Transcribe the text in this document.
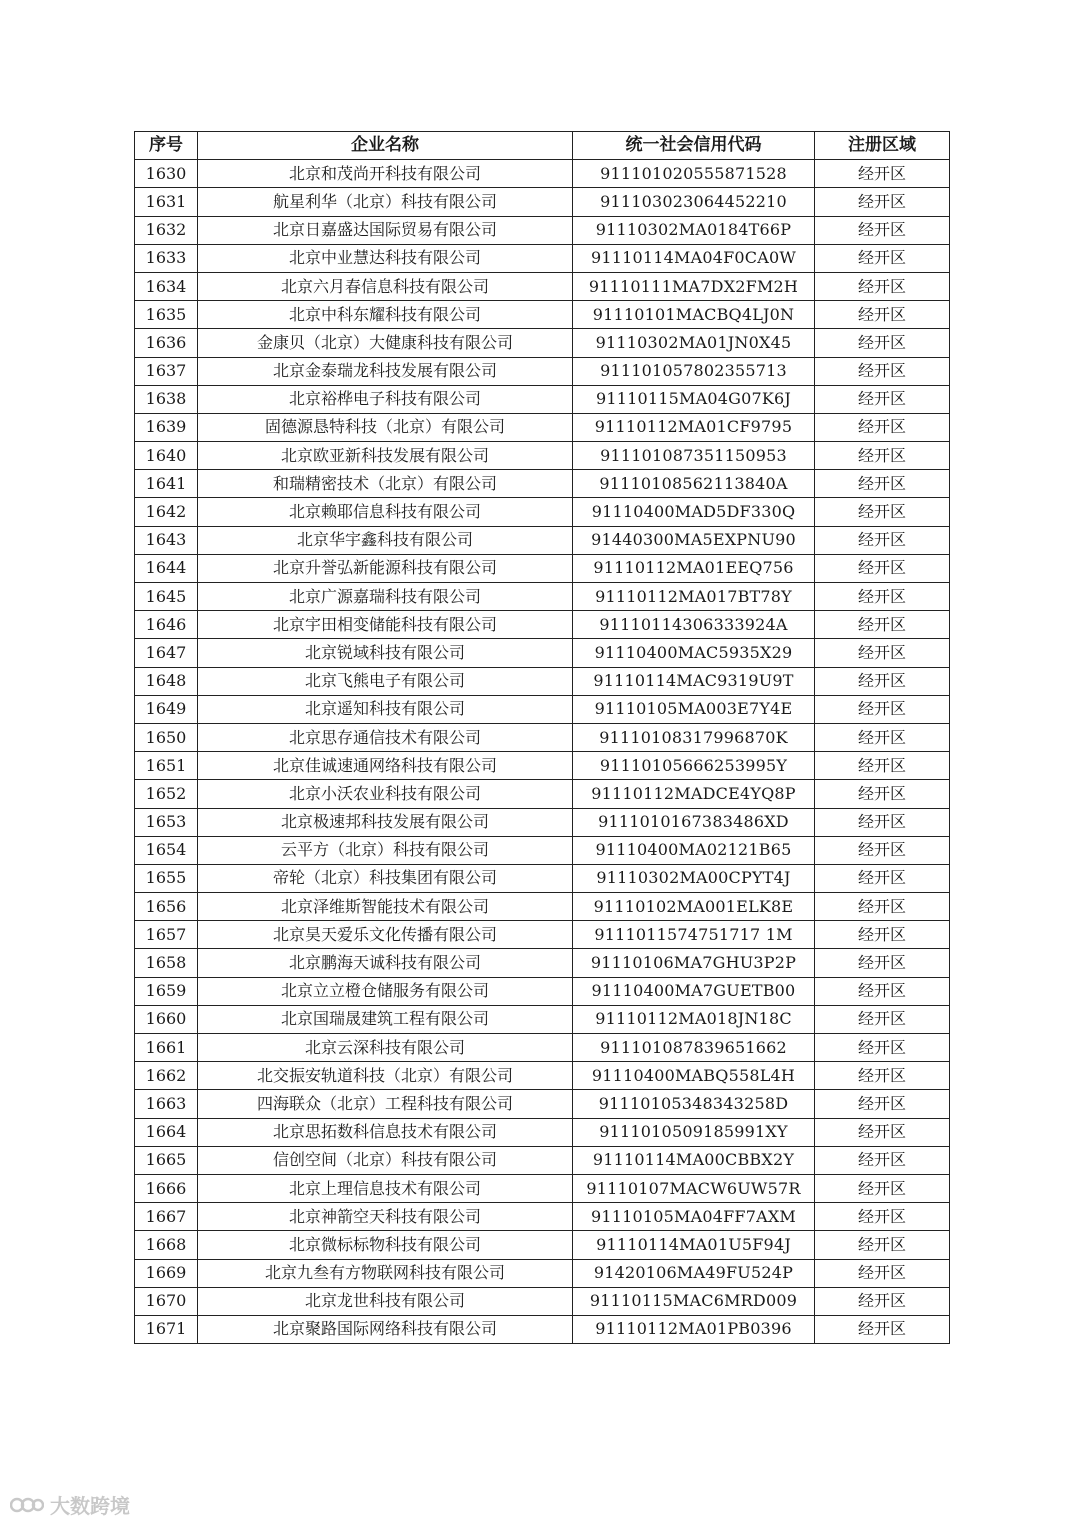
序号	企业名称	统一社会信用代码	注册区域
1630	北京和茂尚开科技有限公司	911101020555871528	经开区
1631	航星利华（北京）科技有限公司	911103023064452210	经开区
1632	北京日嘉盛达国际贸易有限公司	91110302MA0184T66P	经开区
1633	北京中业慧达科技有限公司	91110114MA04F0CA0W	经开区
1634	北京六月春信息科技有限公司	91110111MA7DX2FM2H	经开区
1635	北京中科东耀科技有限公司	91110101MACBQ4LJ0N	经开区
1636	金康贝（北京）大健康科技有限公司	91110302MA01JN0X45	经开区
1637	北京金泰瑞龙科技发展有限公司	911101057802355713	经开区
1638	北京裕桦电子科技有限公司	91110115MA04G07K6J	经开区
1639	固德源恳特科技（北京）有限公司	91110112MA01CF9795	经开区
1640	北京欧亚新科技发展有限公司	911101087351150953	经开区
1641	和瑞精密技术（北京）有限公司	91110108562113840A	经开区
1642	北京赖耶信息科技有限公司	91110400MAD5DF330Q	经开区
1643	北京华宇鑫科技有限公司	91440300MA5EXPNU90	经开区
1644	北京升誉弘新能源科技有限公司	91110112MA01EEQ756	经开区
1645	北京广源嘉瑞科技有限公司	91110112MA017BT78Y	经开区
1646	北京宇田相变储能科技有限公司	91110114306333924A	经开区
1647	北京锐域科技有限公司	91110400MAC5935X29	经开区
1648	北京飞熊电子有限公司	91110114MAC9319U9T	经开区
1649	北京遥知科技有限公司	91110105MA003E7Y4E	经开区
1650	北京思存通信技术有限公司	91110108317996870K	经开区
1651	北京佳诚速通网络科技有限公司	91110105666253995Y	经开区
1652	北京小沃农业科技有限公司	91110112MADCE4YQ8P	经开区
1653	北京极速邦科技发展有限公司	9111010167383486XD	经开区
1654	云平方（北京）科技有限公司	91110400MA02121B65	经开区
1655	帝轮（北京）科技集团有限公司	91110302MA00CPYT4J	经开区
1656	北京泽维斯智能技术有限公司	91110102MA001ELK8E	经开区
1657	北京昊天爱乐文化传播有限公司	9111011574751717 1M	经开区
1658	北京鹏海天诚科技有限公司	91110106MA7GHU3P2P	经开区
1659	北京立立橙仓储服务有限公司	91110400MA7GUETB00	经开区
1660	北京国瑞晟建筑工程有限公司	91110112MA018JN18C	经开区
1661	北京云深科技有限公司	911101087839651662	经开区
1662	北交振安轨道科技（北京）有限公司	91110400MABQ558L4H	经开区
1663	四海联众（北京）工程科技有限公司	91110105348343258D	经开区
1664	北京思拓数科信息技术有限公司	9111010509185991XY	经开区
1665	信创空间（北京）科技有限公司	91110114MA00CBBX2Y	经开区
1666	北京上理信息技术有限公司	91110107MACW6UW57R	经开区
1667	北京神箭空天科技有限公司	91110105MA04FF7AXM	经开区
1668	北京微标标物科技有限公司	91110114MA01U5F94J	经开区
1669	北京九叁有方物联网科技有限公司	91420106MA49FU524P	经开区
1670	北京龙世科技有限公司	91110115MAC6MRD009	经开区
1671	北京聚路国际网络科技有限公司	91110112MA01PB0396	经开区
大数跨境
